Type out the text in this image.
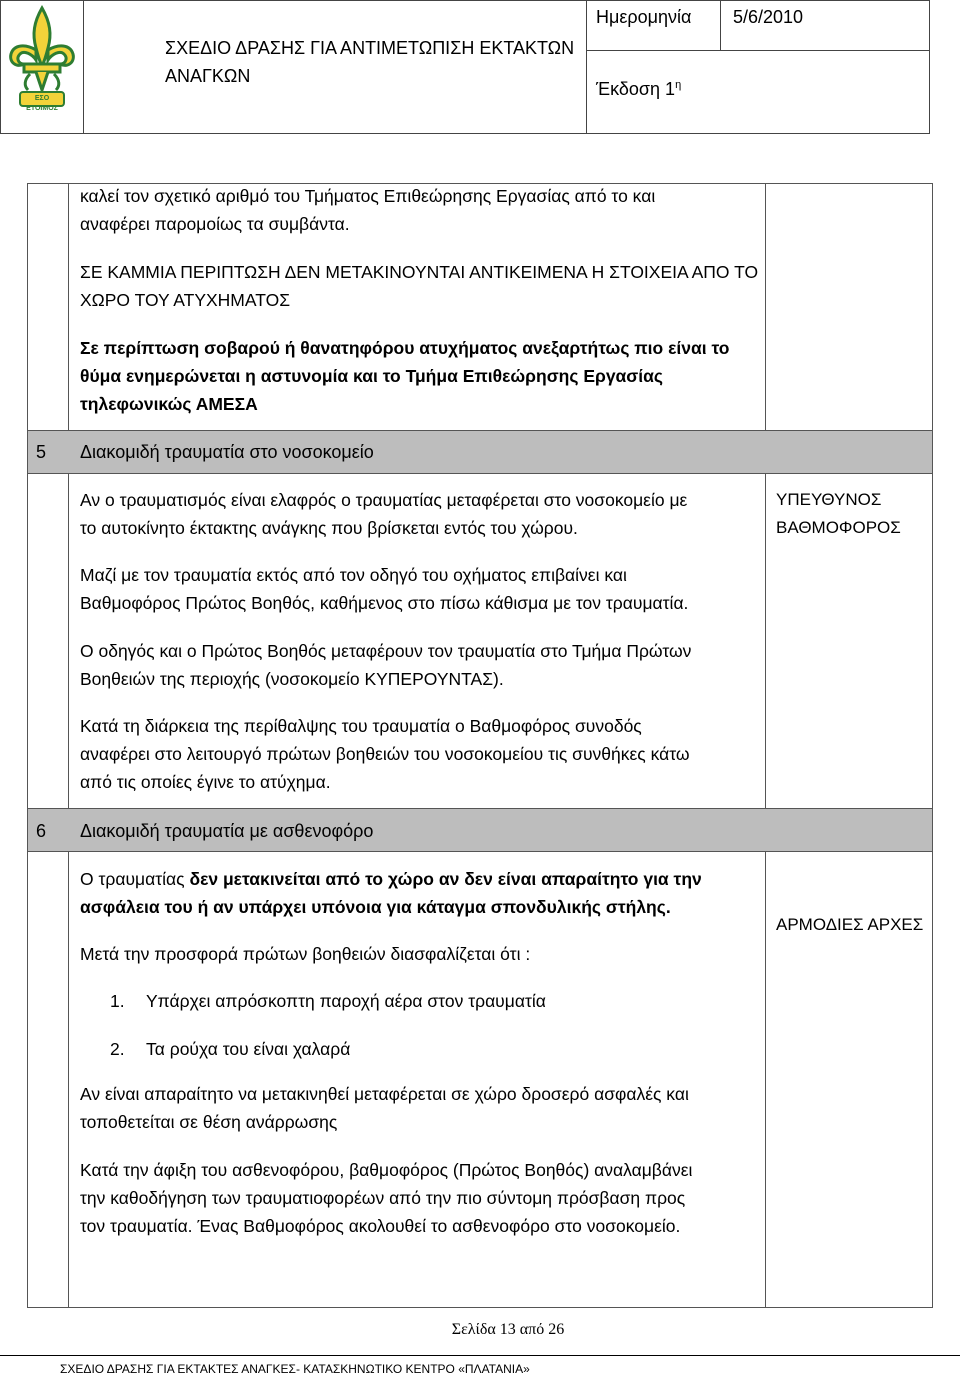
ΕΣΟ ΕΤΟΙΜΟΣ
ΣΧΕΔΙΟ ΔΡΑΣΗΣ ΓΙΑ ΑΝΤΙΜΕΤΩΠΙΣΗ ΕΚΤΑΚΤΩΝ
ΑΝΑΓΚΩΝ
Ημερομηνία 5/6/2010
Έκδοση $1^\eta$
καλεί τον σχετικό αριθμό του Τμήματος Επιθεώρησης Εργασίας από το και
αναφέρει παρομοίως τα συμβάντα.
ΣΕ ΚΑΜΜΙΑ ΠΕΡΙΠΤΩΣΗ ΔΕΝ ΜΕΤΑΚΙΝΟΥΝΤΑΙ ΑΝΤΙΚΕΙΜΕΝΑ Η ΣΤΟΙΧΕΙΑ ΑΠΟ ΤΟ
ΧΩΡΟ ΤΟΥ ΑΤΥΧΗΜΑΤΟΣ
Σε περίπτωση σοβαρού ή θανατηφόρου ατυχήματος ανεξαρτήτως πιο είναι το
θύμα ενημερώνεται η αστυνομία και το Τμήμα Επιθεώρησης Εργασίας
τηλεφωνικώς ΑΜΕΣΑ
5 Διακομιδή τραυματία στο νοσοκομείο
Αν ο τραυματισμός είναι ελαφρός ο τραυματίας μεταφέρεται στο νοσοκομείο με
το αυτοκίνητο έκτακτης ανάγκης που βρίσκεται εντός του χώρου.
ΥΠΕΥΘΥΝΟΣ
ΒΑΘΜΟΦΟΡΟΣ
Μαζί με τον τραυματία εκτός από τον οδηγό του οχήματος επιβαίνει και
Βαθμοφόρος Πρώτος Βοηθός, καθήμενος στο πίσω κάθισμα με τον τραυματία.
Ο οδηγός και ο Πρώτος Βοηθός μεταφέρουν τον τραυματία στο Τμήμα Πρώτων
Βοηθειών της περιοχής (νοσοκομείο ΚΥΠΕΡΟΥΝΤΑΣ).
Κατά τη διάρκεια της περίθαλψης του τραυματία ο Βαθμοφόρος συνοδός
αναφέρει στο λειτουργό πρώτων βοηθειών του νοσοκομείου τις συνθήκες κάτω
από τις οποίες έγινε το ατύχημα.
6 Διακομιδή τραυματία με ασθενοφόρο
Ο τραυματίας δεν μετακινείται από το χώρο αν δεν είναι απαραίτητο για την
ασφάλεια του ή αν υπάρχει υπόνοια για κάταγμα σπονδυλικής στήλης.
ΑΡΜΟΔΙΕΣ ΑΡΧΕΣ
Μετά την προσφορά πρώτων βοηθειών διασφαλίζεται ότι :
1. Υπάρχει απρόσκοπτη παροχή αέρα στον τραυματία
2. Τα ρούχα του είναι χαλαρά
Αν είναι απαραίτητο να μετακινηθεί μεταφέρεται σε χώρο δροσερό ασφαλές και
τοποθετείται σε θέση ανάρρωσης
Κατά την άφιξη του ασθενοφόρου, βαθμοφόρος (Πρώτος Βοηθός) αναλαμβάνει
την καθοδήγηση των τραυματιοφορέων από την πιο σύντομη πρόσβαση προς
τον τραυματία. Ένας Βαθμοφόρος ακολουθεί το ασθενοφόρο στο νοσοκομείο.
Σελίδα 13 από 26
ΣΧΕΔΙΟ ΔΡΑΣΗΣ ΓΙΑ ΕΚΤΑΚΤΕΣ ΑΝΑΓΚΕΣ- ΚΑΤΑΣΚΗΝΩΤΙΚΟ ΚΕΝΤΡΟ «ΠΛΑΤΑΝΙΑ»
